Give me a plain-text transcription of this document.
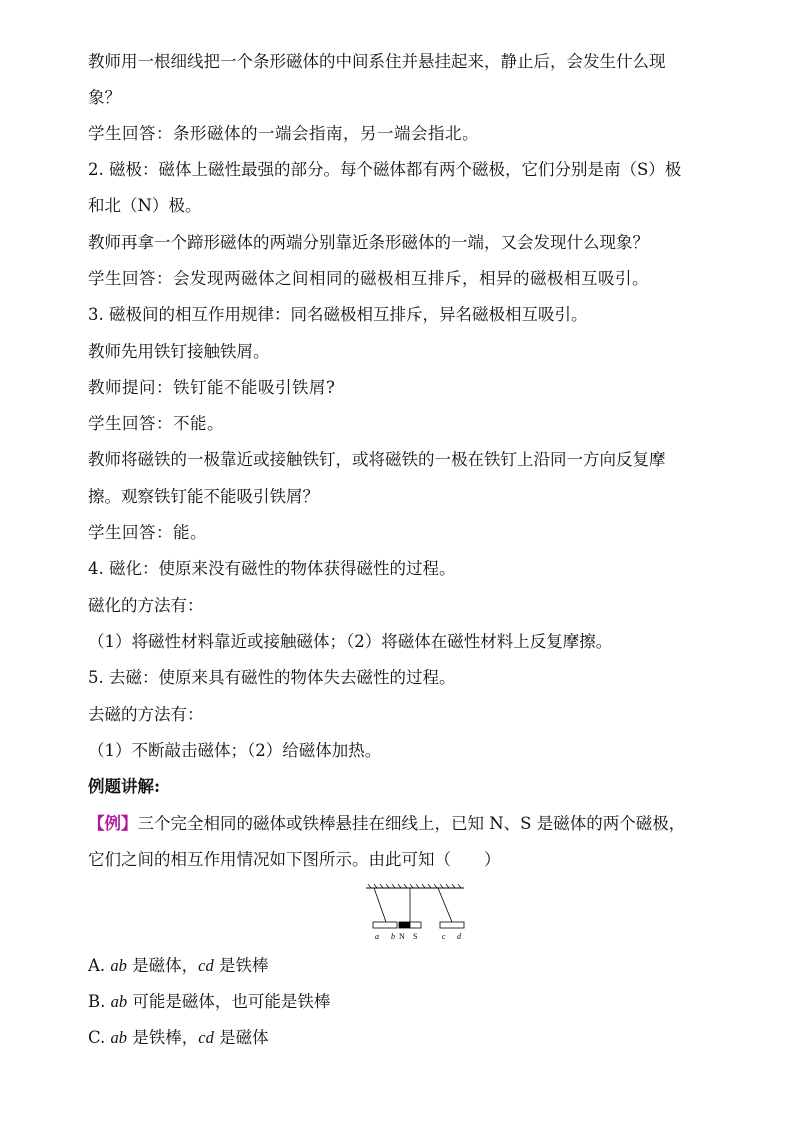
教师用一根细线把一个条形磁体的中间系住并悬挂起来，静止后，会发生什么现
象？
学生回答：条形磁体的一端会指南，另一端会指北。
2. 磁极：磁体上磁性最强的部分。每个磁体都有两个磁极，它们分别是南（S）极
和北（N）极。
教师再拿一个蹄形磁体的两端分别靠近条形磁体的一端，又会发现什么现象？
学生回答：会发现两磁体之间相同的磁极相互排斥，相异的磁极相互吸引。
3. 磁极间的相互作用规律：同名磁极相互排斥，异名磁极相互吸引。
教师先用铁钉接触铁屑。
教师提问：铁钉能不能吸引铁屑?
学生回答：不能。
教师将磁铁的一极靠近或接触铁钉，或将磁铁的一极在铁钉上沿同一方向反复摩
擦。观察铁钉能不能吸引铁屑？
学生回答：能。
4. 磁化：使原来没有磁性的物体获得磁性的过程。
磁化的方法有：
（1）将磁性材料靠近或接触磁体；（2）将磁体在磁性材料上反复摩擦。
5. 去磁：使原来具有磁性的物体失去磁性的过程。
去磁的方法有：
（1）不断敲击磁体；（2）给磁体加热。
例题讲解:
【例】三个完全相同的磁体或铁棒悬挂在细线上，已知 N、S 是磁体的两个磁极，
它们之间的相互作用情况如下图所示。由此可知（　　）
a b N S	c d
A. ab 是磁体，cd 是铁棒
B. ab 可能是磁体，也可能是铁棒
C. ab 是铁棒，cd 是磁体
